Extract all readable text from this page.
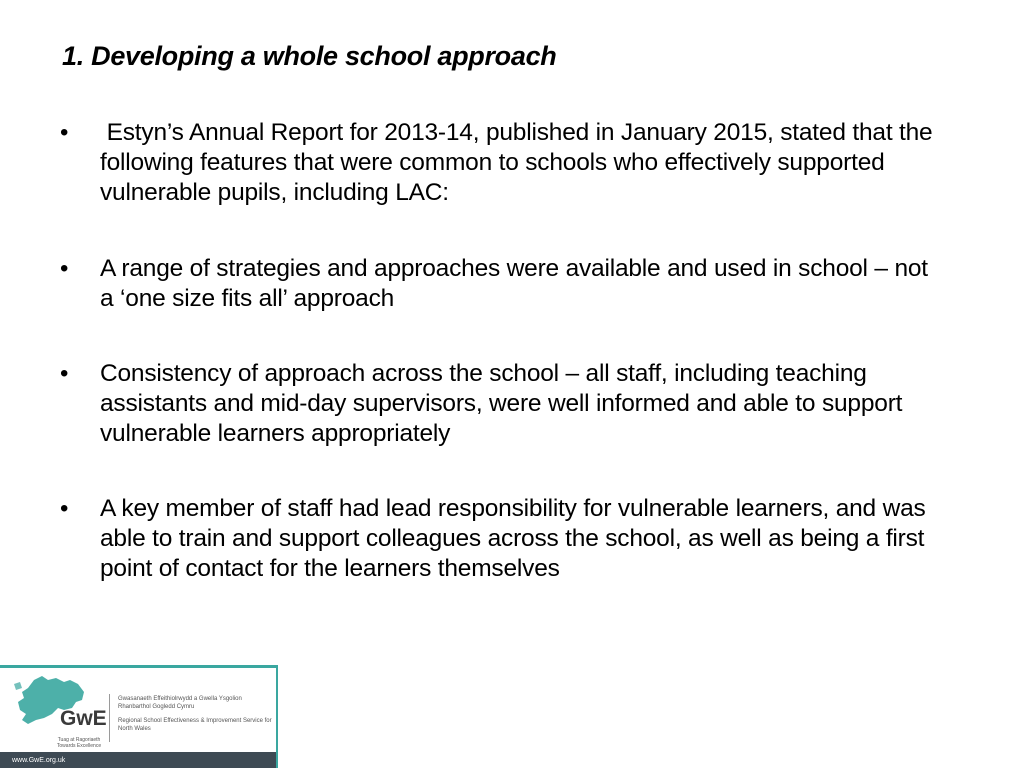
1. Developing a whole school approach
• Estyn’s Annual Report for 2013-14, published in January 2015, stated that the following features that were common to schools who effectively supported vulnerable pupils, including LAC:
• A range of strategies and approaches were available and used in school – not a ‘one size fits all’ approach
• Consistency of approach across the school – all staff, including teaching assistants and mid-day supervisors, were well informed and able to support vulnerable learners appropriately
• A key member of staff had lead responsibility for vulnerable learners, and was able to train and support colleagues across the school, as well as being a first point of contact for the learners themselves
GwE
Tuag at Ragoriaeth Towards Excellence
Gwasanaeth Effeithiolrwydd a Gwella Ysgolion Rhanbarthol Gogledd Cymru
Regional School Effectiveness & Improvement Service for North Wales
www.GwE.org.uk
